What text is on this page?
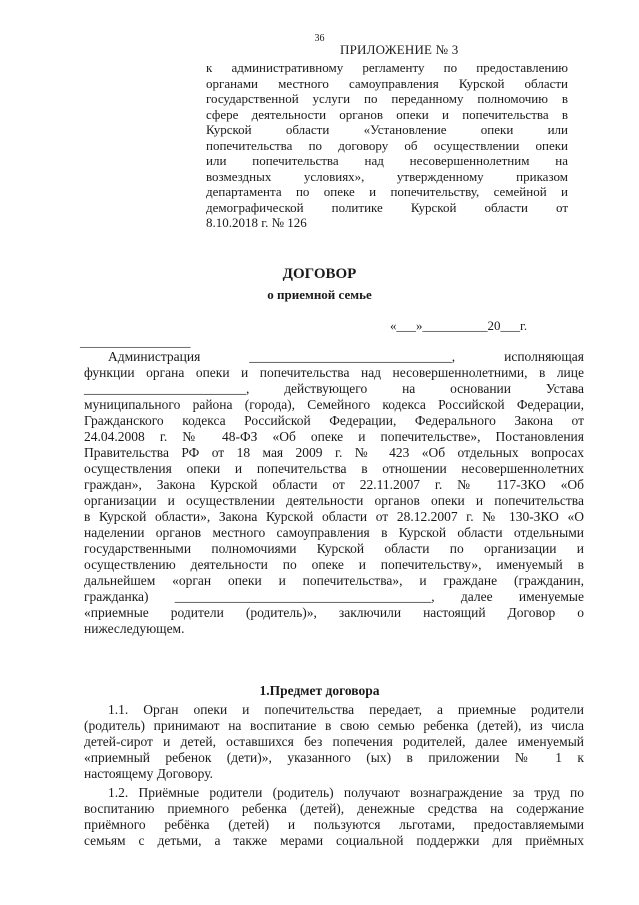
36
ПРИЛОЖЕНИЕ № 3
к административному регламенту по предоставлению
органами местного самоуправления Курской области
государственной услуги по переданному полномочию в
сфере деятельности органов опеки и попечительства в
Курской области «Установление опеки или
попечительства по договору об осуществлении опеки
или попечительства над несовершеннолетним на
возмездных условиях», утвержденному приказом
департамента по опеке и попечительству, семейной и
демографической политике Курской области от
8.10.2018 г. № 126
ДОГОВОР
о приемной семье
«___»__________20___г.
_________________
Администрация ______________________________, исполняющая
функции органа опеки и попечительства над несовершеннолетними, в лице
________________________, действующего на основании Устава
муниципального района (города), Семейного кодекса Российской Федерации,
Гражданского кодекса Российской Федерации, Федерального Закона от
24.04.2008 г. № 48-ФЗ «Об опеке и попечительстве», Постановления
Правительства РФ от 18 мая 2009 г. № 423 «Об отдельных вопросах
осуществления опеки и попечительства в отношении несовершеннолетних
граждан», Закона Курской области от 22.11.2007 г. № 117-ЗКО «Об
организации и осуществлении деятельности органов опеки и попечительства
в Курской области», Закона Курской области от 28.12.2007 г. № 130-ЗКО «О
наделении органов местного самоуправления в Курской области отдельными
государственными полномочиями Курской области по организации и
осуществлению деятельности по опеке и попечительству», именуемый в
дальнейшем «орган опеки и попечительства», и граждане (гражданин,
гражданка) ______________________________________, далее именуемые
«приемные родители (родитель)», заключили настоящий Договор о
нижеследующем.
1.Предмет договора
1.1. Орган опеки и попечительства передает, а приемные родители
(родитель) принимают на воспитание в свою семью ребенка (детей), из числа
детей-сирот и детей, оставшихся без попечения родителей, далее именуемый
«приемный ребенок (дети)», указанного (ых) в приложении № 1 к
настоящему Договору.
1.2. Приёмные родители (родитель) получают вознаграждение за труд по
воспитанию приемного ребенка (детей), денежные средства на содержание
приёмного ребёнка (детей) и пользуются льготами, предоставляемыми
семьям с детьми, а также мерами социальной поддержки для приёмных
